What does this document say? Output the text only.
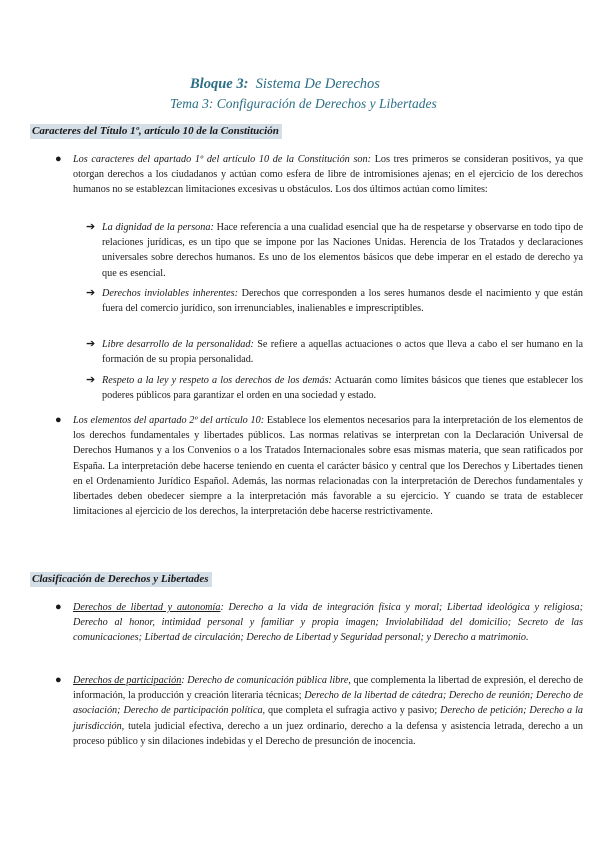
Bloque 3: Sistema De Derechos
Tema 3: Configuración de Derechos y Libertades
Caracteres del Título 1º, artículo 10 de la Constitución
● Los caracteres del apartado 1º del artículo 10 de la Constitución son: Los tres primeros se consideran positivos, ya que otorgan derechos a los ciudadanos y actúan como esfera de libre de intromisiones ajenas; en el ejercicio de los derechos humanos no se establezcan limitaciones excesivas u obstáculos. Los dos últimos actúan como límites:
➔ La dignidad de la persona: Hace referencia a una cualidad esencial que ha de respetarse y observarse en todo tipo de relaciones jurídicas, es un tipo que se impone por las Naciones Unidas. Herencia de los Tratados y declaraciones universales sobre derechos humanos. Es uno de los elementos básicos que debe imperar en el estado de derecho ya que es esencial.
➔ Derechos inviolables inherentes: Derechos que corresponden a los seres humanos desde el nacimiento y que están fuera del comercio jurídico, son irrenunciables, inalienables e imprescriptibles.
➔ Libre desarrollo de la personalidad: Se refiere a aquellas actuaciones o actos que lleva a cabo el ser humano en la formación de su propia personalidad.
➔ Respeto a la ley y respeto a los derechos de los demás: Actuarán como límites básicos que tienes que establecer los poderes públicos para garantizar el orden en una sociedad y estado.
● Los elementos del apartado 2º del artículo 10: Establece los elementos necesarios para la interpretación de los elementos de los derechos fundamentales y libertades públicos. Las normas relativas se interpretan con la Declaración Universal de Derechos Humanos y a los Convenios o a los Tratados Internacionales sobre esas mismas materia, que sean ratificados por España. La interpretación debe hacerse teniendo en cuenta el carácter básico y central que los Derechos y Libertades tienen en el Ordenamiento Jurídico Español. Además, las normas relacionadas con la interpretación de Derechos fundamentales y libertades deben obedecer siempre a la interpretación más favorable a su ejercicio. Y cuando se trata de establecer limitaciones al ejercicio de los derechos, la interpretación debe hacerse restrictivamente.
Clasificación de Derechos y Libertades
● Derechos de libertad y autonomía: Derecho a la vida de integración física y moral; Libertad ideológica y religiosa; Derecho al honor, intimidad personal y familiar y propia imagen; Inviolabilidad del domicilio; Secreto de las comunicaciones; Libertad de circulación; Derecho de Libertad y Seguridad personal; y Derecho a matrimonio.
● Derechos de participación: Derecho de comunicación pública libre, que complementa la libertad de expresión, el derecho de información, la producción y creación literaria técnicas; Derecho de la libertad de cátedra; Derecho de reunión; Derecho de asociación; Derecho de participación política, que completa el sufragia activo y pasivo; Derecho de petición; Derecho a la jurisdicción, tutela judicial efectiva, derecho a un juez ordinario, derecho a la defensa y asistencia letrada, derecho a un proceso público y sin dilaciones indebidas y el Derecho de presunción de inocencia.
